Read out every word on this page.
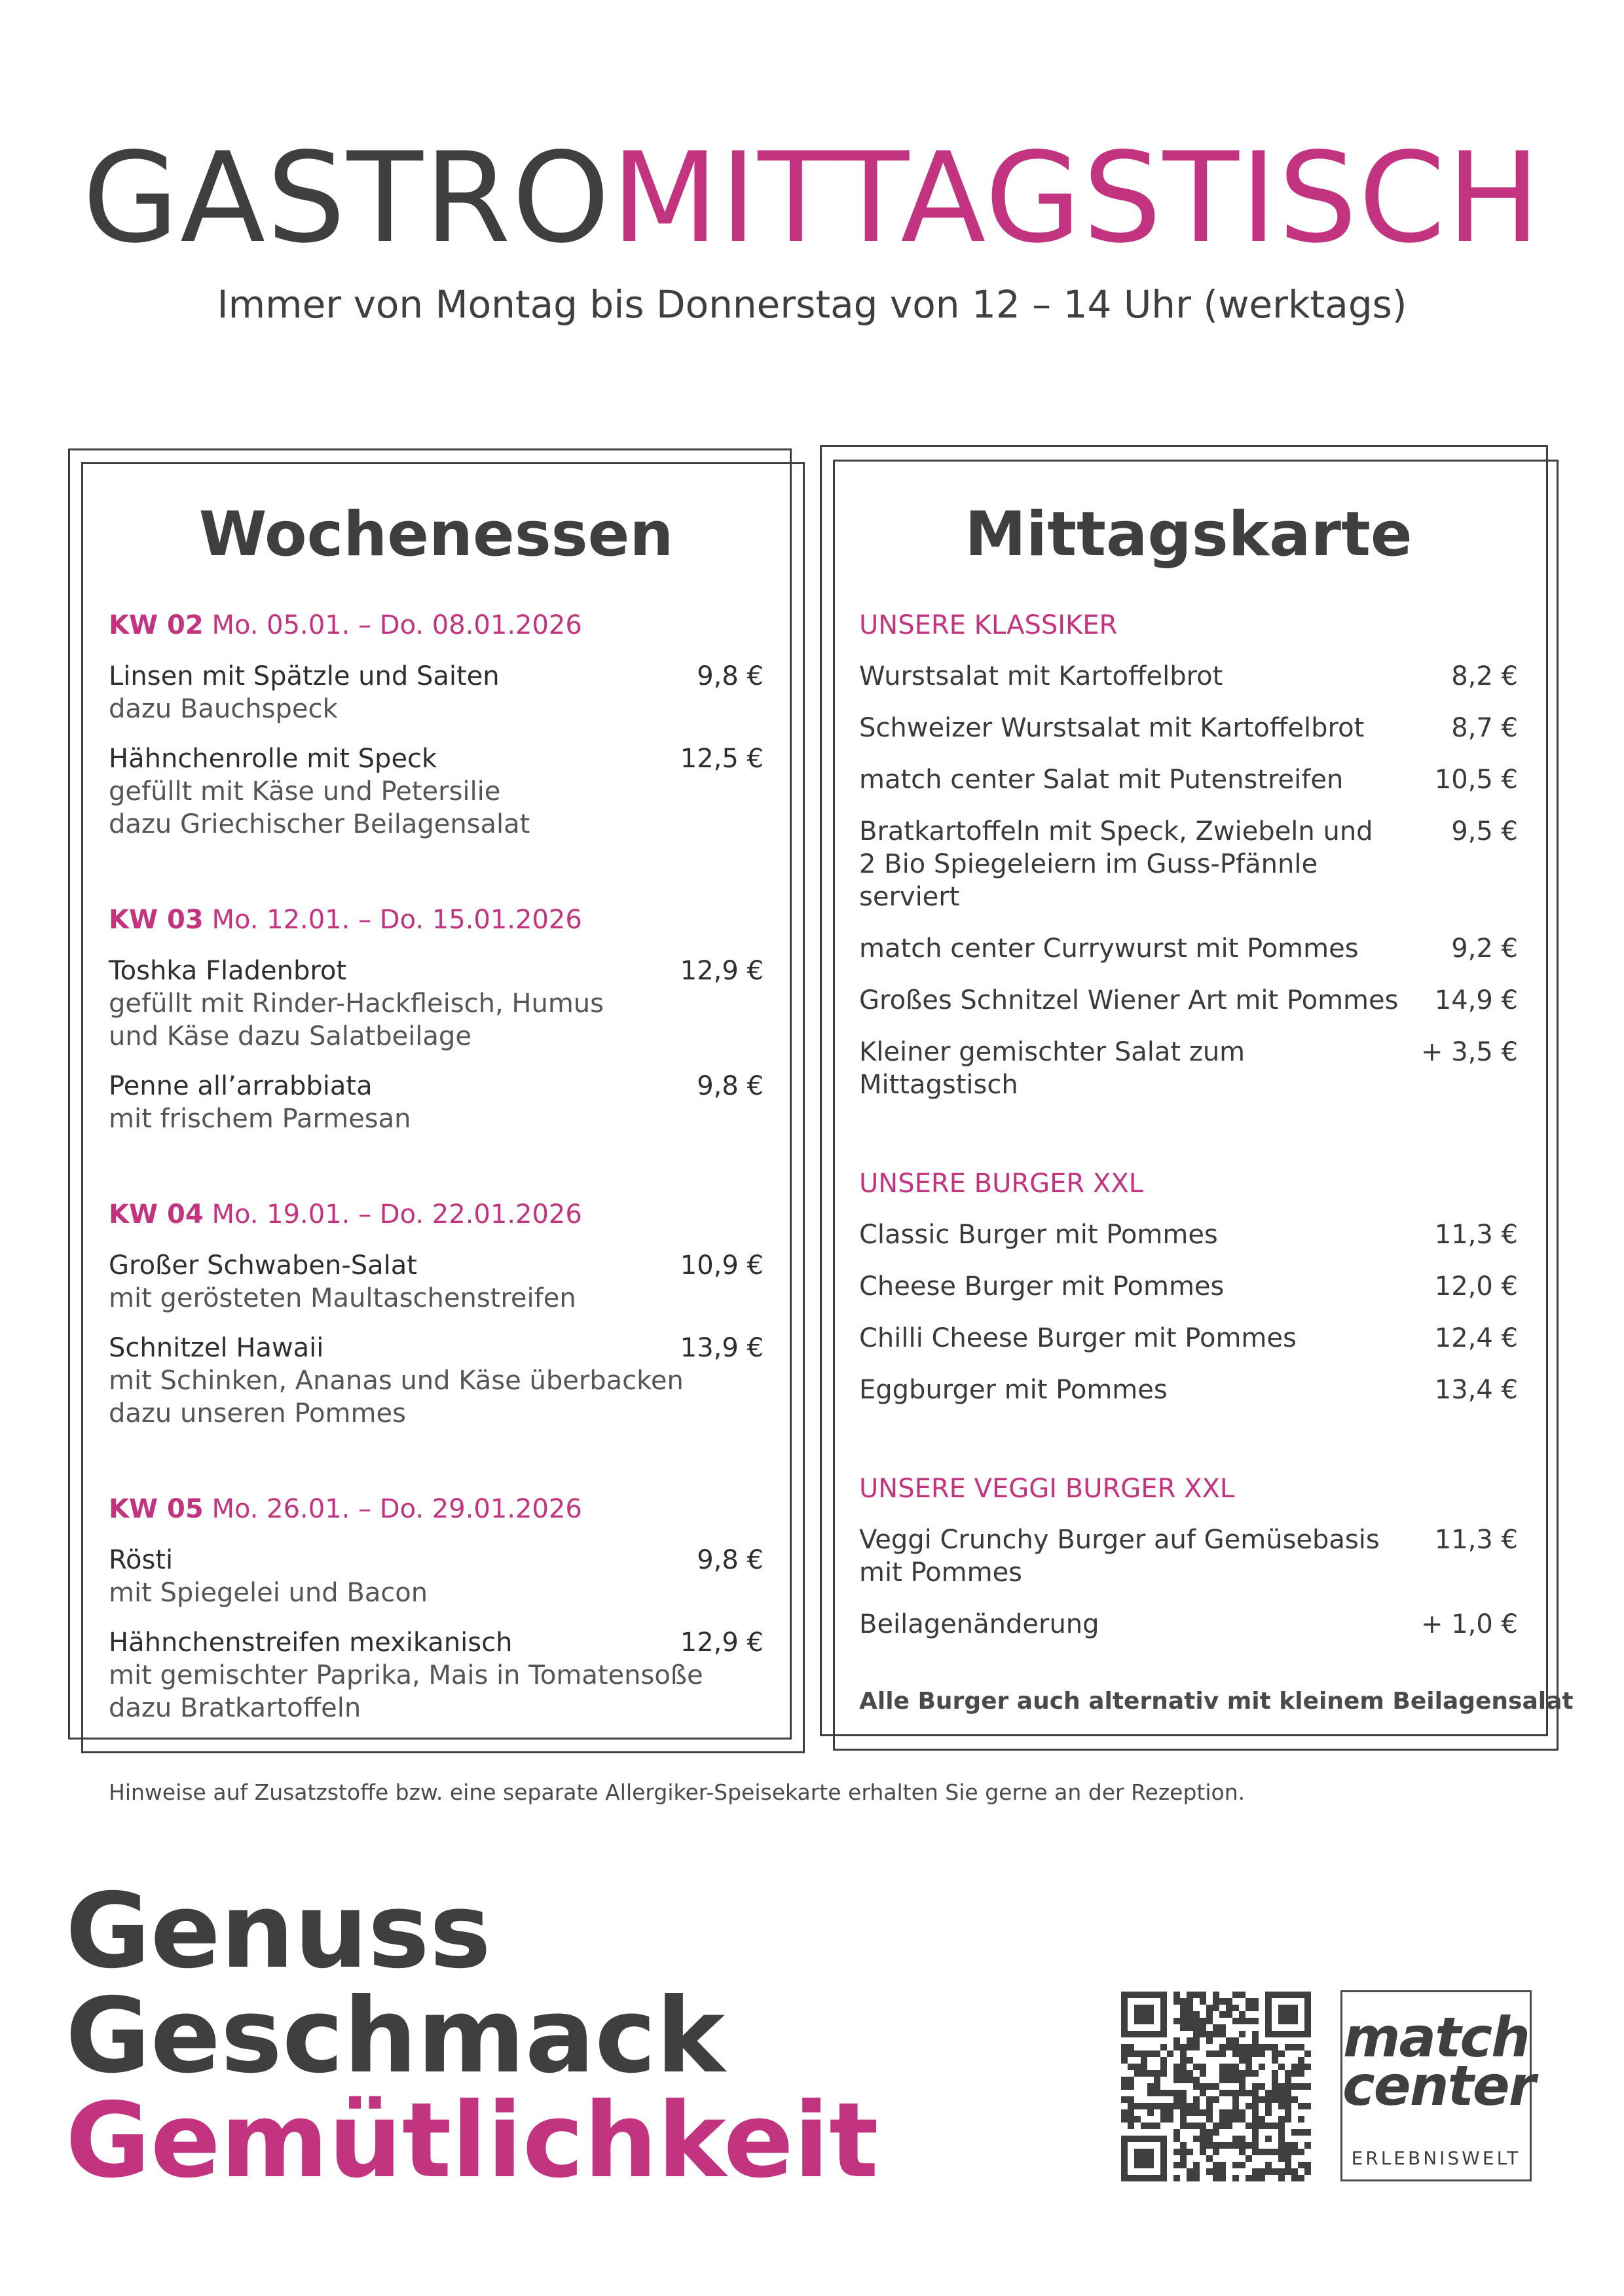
GASTROMITTAGSTISCH
Immer von Montag bis Donnerstag von 12 – 14 Uhr (werktags)
Wochenessen
KW 02 Mo. 05.01. – Do. 08.01.2026
Linsen mit Spätzle und Saiten
dazu Bauchspeck
9,8 €
Hähnchenrolle mit Speck
gefüllt mit Käse und Petersilie
dazu Griechischer Beilagensalat
12,5 €
KW 03 Mo. 12.01. – Do. 15.01.2026
Toshka Fladenbrot
gefüllt mit Rinder-Hackfleisch, Humus
und Käse dazu Salatbeilage
12,9 €
Penne all’arrabbiata
mit frischem Parmesan
9,8 €
KW 04 Mo. 19.01. – Do. 22.01.2026
Großer Schwaben-Salat
mit gerösteten Maultaschenstreifen
10,9 €
Schnitzel Hawaii
mit Schinken, Ananas und Käse überbacken
dazu unseren Pommes
13,9 €
KW 05 Mo. 26.01. – Do. 29.01.2026
Rösti
mit Spiegelei und Bacon
9,8 €
Hähnchenstreifen mexikanisch
mit gemischter Paprika, Mais in Tomatensoße
dazu Bratkartoffeln
12,9 €
Mittagskarte
UNSERE KLASSIKER
Wurstsalat mit Kartoffelbrot	8,2 €
Schweizer Wurstsalat mit Kartoffelbrot	8,7 €
match center Salat mit Putenstreifen	10,5 €
Bratkartoffeln mit Speck, Zwiebeln und
2 Bio Spiegeleiern im Guss-Pfännle serviert
9,5 €
match center Currywurst mit Pommes	9,2 €
Großes Schnitzel Wiener Art mit Pommes	14,9 €
Kleiner gemischter Salat zum Mittagstisch
+ 3,5 €
UNSERE BURGER XXL
Classic Burger mit Pommes	11,3 €
Cheese Burger mit Pommes	12,0 €
Chilli Cheese Burger mit Pommes	12,4 €
Eggburger mit Pommes	13,4 €
UNSERE VEGGI BURGER XXL
Veggi Crunchy Burger auf Gemüsebasis
mit Pommes
11,3 €
Beilagenänderung	+ 1,0 €
Alle Burger auch alternativ mit kleinem Beilagensalat
Hinweise auf Zusatzstoffe bzw. eine separate Allergiker-Speisekarte erhalten Sie gerne an der Rezeption.
Genuss
Geschmack
Gemütlichkeit
match
center
ERLEBNISWELT
